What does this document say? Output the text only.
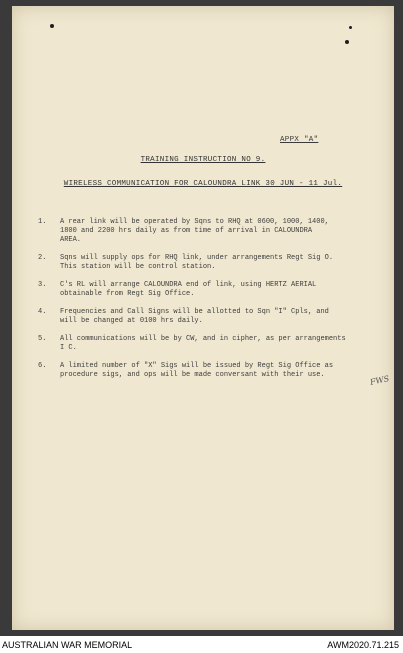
APPX "A"
TRAINING INSTRUCTION NO 9.
WIRELESS COMMUNICATION FOR CALOUNDRA LINK 30 JUN - 11 Jul.
1. A rear link will be operated by Sqns to RHQ at 0600, 1000, 1400,
1800 and 2200 hrs daily as from time of arrival in CALOUNDRA
AREA.
2. Sqns will supply ops for RHQ link, under arrangements Regt Sig O.
This station will be control station.
3. C's RL will arrange CALOUNDRA end of link, using HERTZ AERIAL
obtainable from Regt Sig Office.
4. Frequencies and Call Signs will be allotted to Sqn "I" Cpls, and
will be changed at 0100 hrs daily.
5. All communications will be by CW, and in cipher, as per arrangements
I C.
6. A limited number of "X" Sigs will be issued by Regt Sig Office as
procedure sigs, and ops will be made conversant with their use.	FWS
AUSTRALIAN WAR MEMORIAL	AWM2020.71.215
